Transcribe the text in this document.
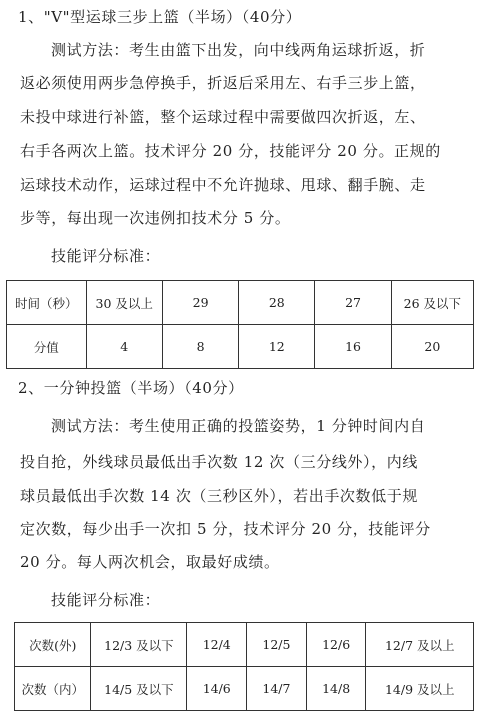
1、"V"型运球三步上篮（半场）（40分）
测试方法：考生由篮下出发，向中线两角运球折返，折
返必须使用两步急停换手，折返后采用左、右手三步上篮，
未投中球进行补篮，整个运球过程中需要做四次折返，左、
右手各两次上篮。技术评分 20 分，技能评分 20 分。正规的
运球技术动作，运球过程中不允许抛球、甩球、翻手腕、走
步等，每出现一次违例扣技术分 5 分。
技能评分标准：
时间（秒）	30 及以上	29	28	27	26 及以下
分值	4	8	12	16	20
2、一分钟投篮（半场）（40分）
测试方法：考生使用正确的投篮姿势，1 分钟时间内自
投自抢，外线球员最低出手次数 12 次（三分线外），内线
球员最低出手次数 14 次（三秒区外），若出手次数低于规
定次数，每少出手一次扣 5 分，技术评分 20 分，技能评分
20 分。每人两次机会，取最好成绩。
技能评分标准：
次数(外)	12/3 及以下	12/4	12/5	12/6	12/7 及以上
次数（内）	14/5 及以下	14/6	14/7	14/8	14/9 及以上
